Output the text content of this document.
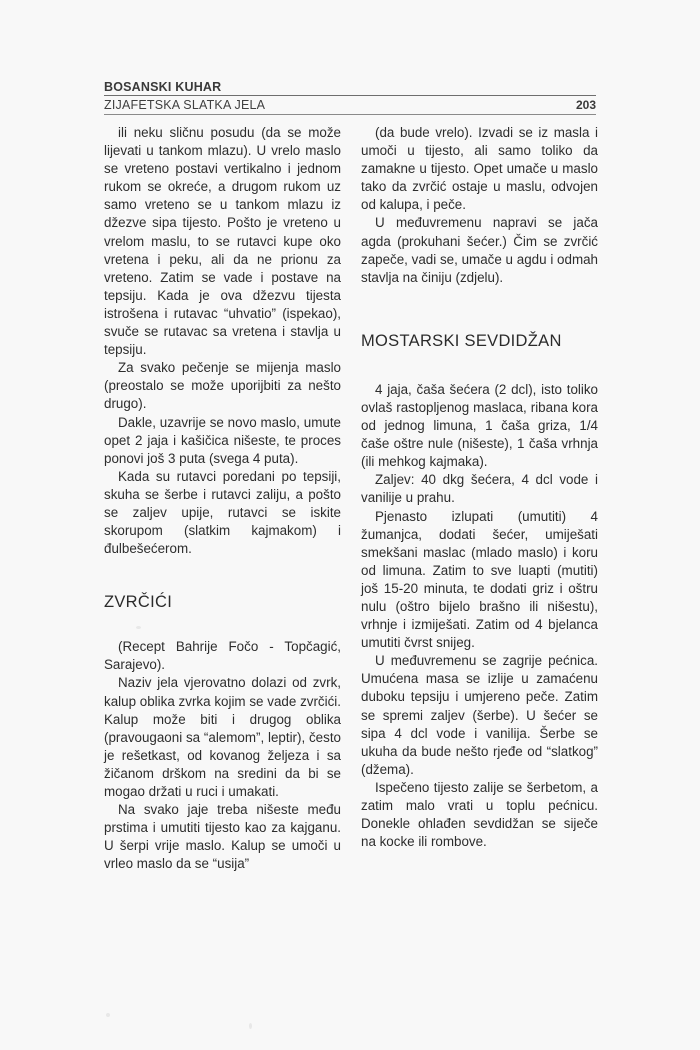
BOSANSKI KUHAR
ZIJAFETSKA SLATKA JELA	203

ili neku sličnu posudu (da se može lijevati u tankom mlazu). U vrelo maslo se vreteno postavi vertikalno i jednom rukom se okreće, a drugom rukom uz samo vreteno se u tankom mlazu iz džezve sipa tijesto. Pošto je vreteno u vrelom maslu, to se rutavci kupe oko vretena i peku, ali da ne prionu za vreteno. Zatim se vade i postave na tepsiju. Kada je ova džezvu tijesta istrošena i rutavac “uhvatio” (ispekao), svuče se rutavac sa vretena i stavlja u tepsiju.

Za svako pečenje se mijenja maslo (preostalo se može uporijbiti za nešto drugo).

Dakle, uzavrije se novo maslo, umute opet 2 jaja i kašičica nišeste, te proces ponovi još 3 puta (svega 4 puta).

Kada su rutavci poredani po tepsiji, skuha se šerbe i rutavci zaliju, a pošto se zaljev upije, rutavci se iskite skorupom (slatkim kajmakom) i đulbešećerom.

ZVRČIĆI

(Recept Bahrije Fočo - Topčagić, Sarajevo).

Naziv jela vjerovatno dolazi od zvrk, kalup oblika zvrka kojim se vade zvrčići. Kalup može biti i drugog oblika (pravougaoni sa “alemom”, leptir), često je rešetkast, od kovanog željeza i sa žičanom drškom na sredini da bi se mogao držati u ruci i umakati.

Na svako jaje treba nišeste među prstima i umutiti tijesto kao za kajganu. U šerpi vrije maslo. Kalup se umoči u vrleo maslo da se “usija”

(da bude vrelo). Izvadi se iz masla i umoči u tijesto, ali samo toliko da zamakne u tijesto. Opet umače u maslo tako da zvrčić ostaje u maslu, odvojen od kalupa, i peče.

U međuvremenu napravi se jača agda (prokuhani šećer.) Čim se zvrčić zapeče, vadi se, umače u agdu i odmah stavlja na činiju (zdjelu).

MOSTARSKI SEVDIDŽAN

4 jaja, čaša šećera (2 dcl), isto toliko ovlaš rastopljenog maslaca, ribana kora od jednog limuna, 1 čaša griza, 1/4 čaše oštre nule (nišeste), 1 čaša vrhnja (ili mehkog kajmaka).

Zaljev: 40 dkg šećera, 4 dcl vode i vanilije u prahu.

Pjenasto izlupati (umutiti) 4 žumanjca, dodati šećer, umiješati smekšani maslac (mlado maslo) i koru od limuna. Zatim to sve luapti (mutiti) još 15-20 minuta, te dodati griz i oštru nulu (oštro bijelo brašno ili nišestu), vrhnje i izmiješati. Zatim od 4 bjelanca umutiti čvrst snijeg.

U međuvremenu se zagrije pećnica. Umućena masa se izlije u zamaćenu duboku tepsiju i umjereno peče. Zatim se spremi zaljev (šerbe). U šećer se sipa 4 dcl vode i vanilija. Šerbe se ukuha da bude nešto rjeđe od “slatkog” (džema).

Ispečeno tijesto zalije se šerbetom, a zatim malo vrati u toplu pećnicu. Donekle ohlađen sevdidžan se siječe na kocke ili rombove.
